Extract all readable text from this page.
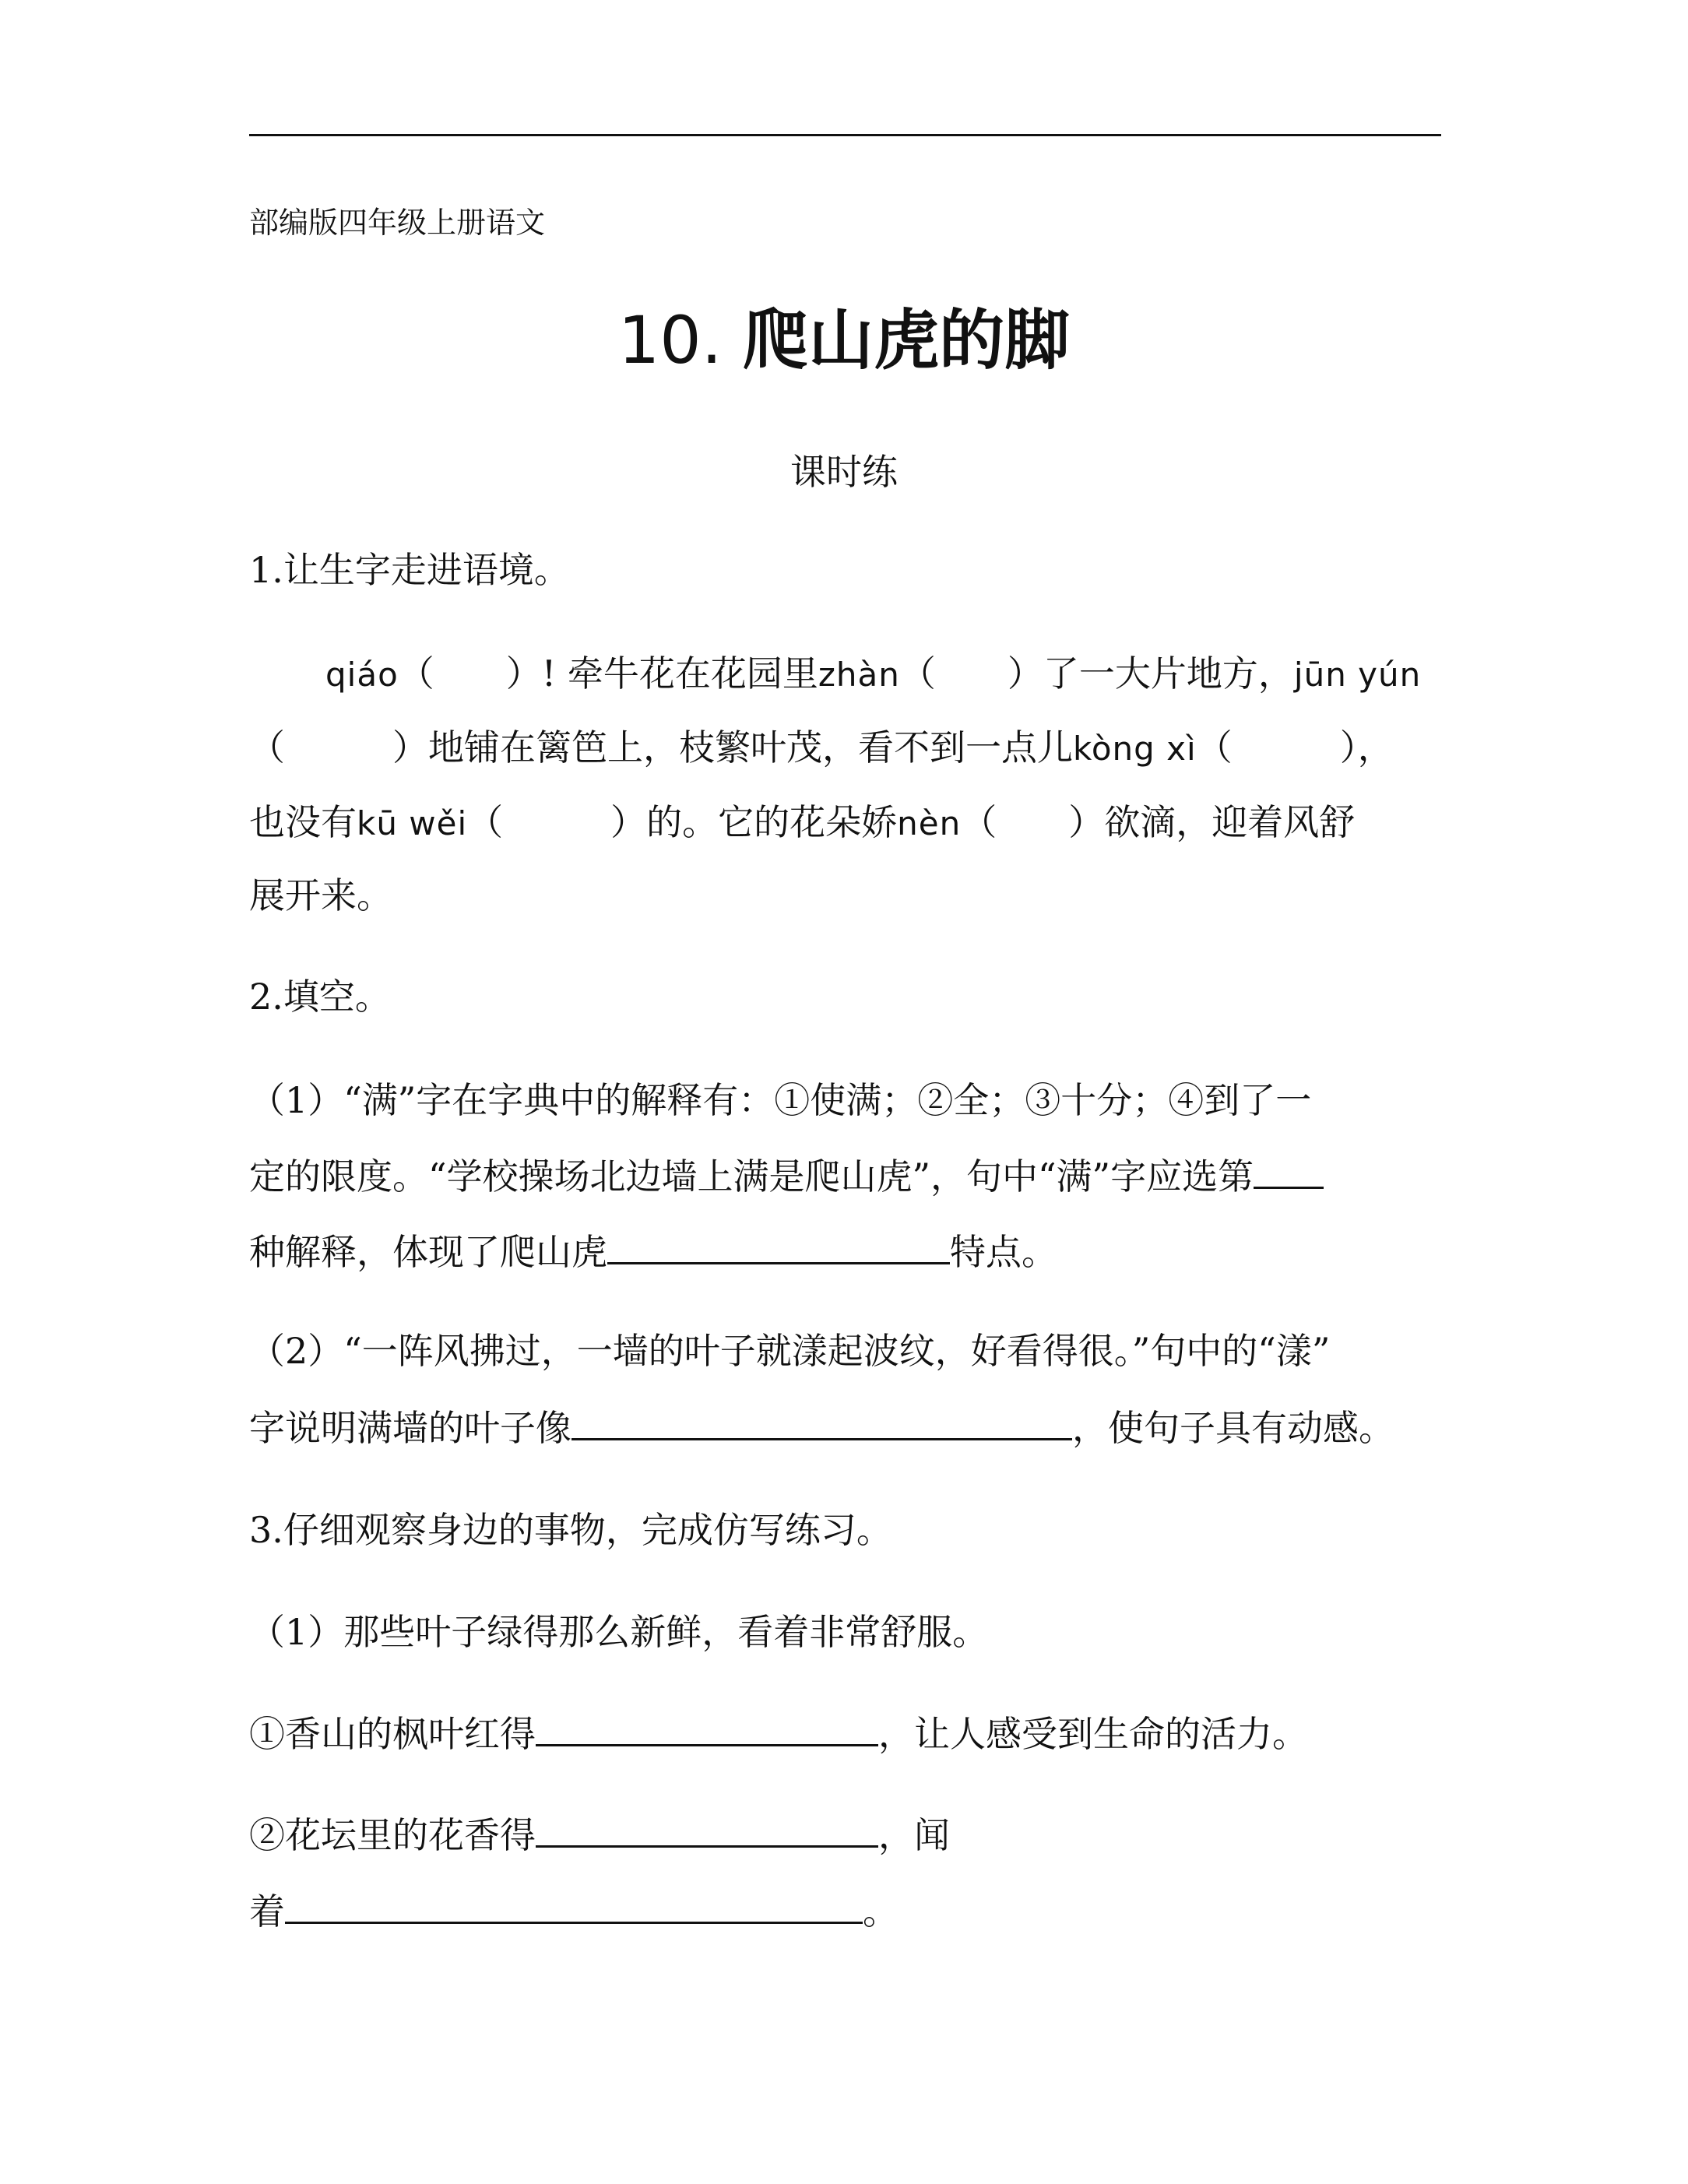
部编版四年级上册语文
10. 爬山虎的脚
课时练
1.让生字走进语境。
qiáo（　　）! 牵牛花在花园里zhàn（　　）了一大片地方，jūn yún
（　　　）地铺在篱笆上，枝繁叶茂，看不到一点儿kòng xì（　　　），
也没有kū wěi（　　　）的。它的花朵娇nèn（　　）欲滴，迎着风舒
展开来。
2.填空。
（1）“满”字在字典中的解释有：①使满；②全；③十分；④到了一
定的限度。“学校操场北边墙上满是爬山虎”，句中“满”字应选第
种解释，体现了爬山虎	特点。
（2）“一阵风拂过，一墙的叶子就漾起波纹，好看得很。”句中的“漾”
字说明满墙的叶子像	，使句子具有动感。
3.仔细观察身边的事物，完成仿写练习。
（1）那些叶子绿得那么新鲜，看着非常舒服。
①香山的枫叶红得	，让人感受到生命的活力。
②花坛里的花香得	，闻
着	。
